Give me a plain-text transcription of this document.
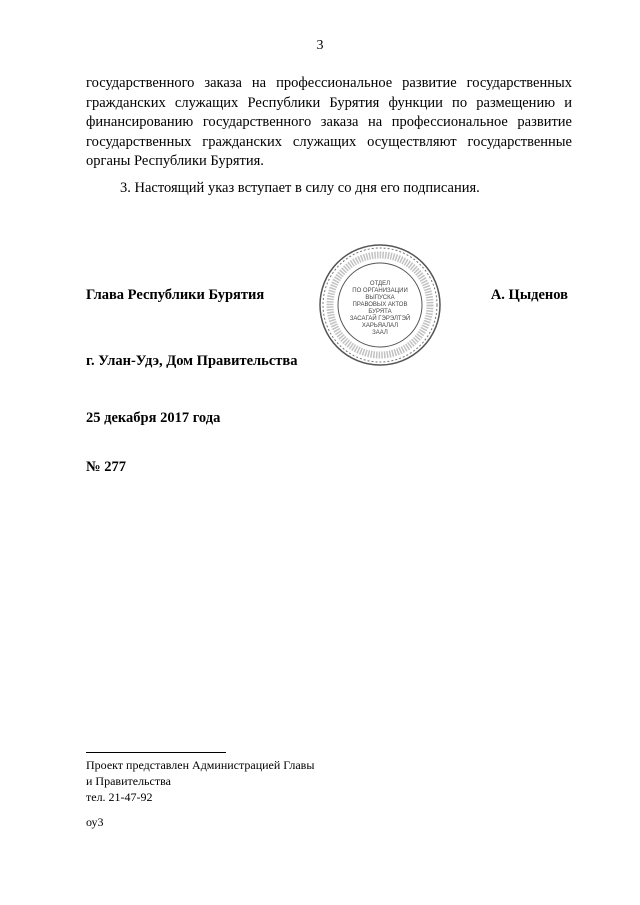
3
государственного заказа на профессиональное развитие государственных гражданских служащих Республики Бурятия функции по размещению и финансированию государственного заказа на профессиональное развитие государственных гражданских служащих осуществляют государственные органы Республики Бурятия.
3. Настоящий указ вступает в силу со дня его подписания.
Глава Республики Бурятия	А. Цыденов
ОТДЕЛ
ПО ОРГАНИЗАЦИИ
ВЫПУСКА
ПРАВОВЫХ АКТОВ
БУРЯТА
ЗАСАГАЙ ГЭРЭЛТЭЙ
ХАРЬЯАЛАЛ
ЗААЛ
г. Улан-Удэ, Дом Правительства
25 декабря 2017 года
№ 277
Проект представлен Администрацией Главы
и Правительства
тел. 21-47-92
оу3
